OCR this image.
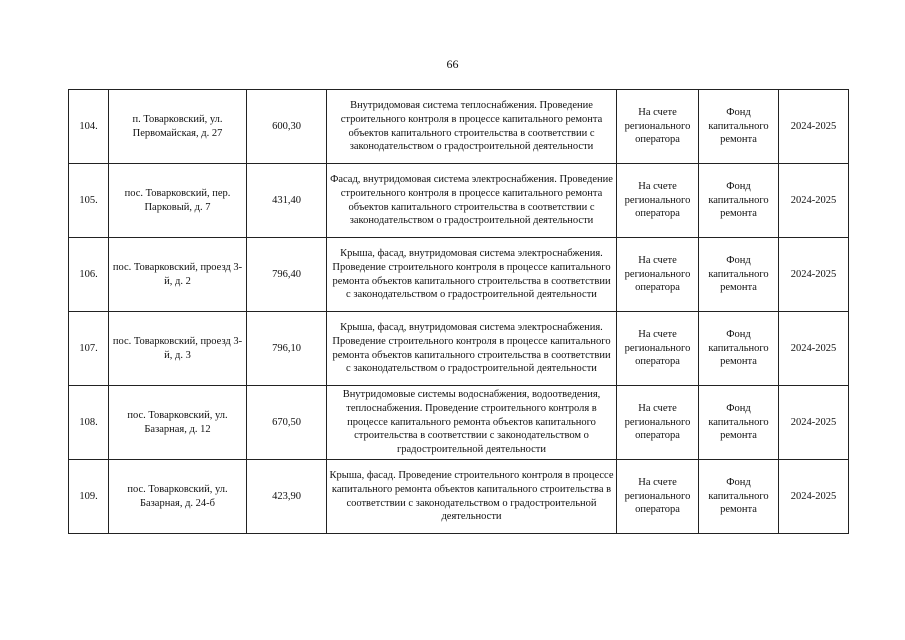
66
104.	п. Товарковский, ул. Первомайская, д. 27	600,30	Внутридомовая система теплоснабжения. Проведение строительного контроля в процессе капитального ремонта объектов капитального строительства в соответствии с законодательством о градостроительной деятельности	На счете регионального оператора	Фонд капитального ремонта	2024-2025
105.	пос. Товарковский, пер. Парковый, д. 7	431,40	Фасад, внутридомовая система электроснабжения. Проведение строительного контроля в процессе капитального ремонта объектов капитального строительства в соответствии с законодательством о градостроительной деятельности	На счете регионального оператора	Фонд капитального ремонта	2024-2025
106.	пос. Товарковский, проезд 3-й, д. 2	796,40	Крыша, фасад, внутридомовая система электроснабжения. Проведение строительного контроля в процессе капитального ремонта объектов капитального строительства в соответствии с законодательством о градостроительной деятельности	На счете регионального оператора	Фонд капитального ремонта	2024-2025
107.	пос. Товарковский, проезд 3-й, д. 3	796,10	Крыша, фасад, внутридомовая система электроснабжения. Проведение строительного контроля в процессе капитального ремонта объектов капитального строительства в соответствии с законодательством о градостроительной деятельности	На счете регионального оператора	Фонд капитального ремонта	2024-2025
108.	пос. Товарковский, ул. Базарная, д. 12	670,50	Внутридомовые системы водоснабжения, водоотведения, теплоснабжения. Проведение строительного контроля в процессе капитального ремонта объектов капитального строительства в соответствии с законодательством о градостроительной деятельности	На счете регионального оператора	Фонд капитального ремонта	2024-2025
109.	пос. Товарковский, ул. Базарная, д. 24-б	423,90	Крыша, фасад. Проведение строительного контроля в процессе капитального ремонта объектов капитального строительства в соответствии с законодательством о градостроительной деятельности	На счете регионального оператора	Фонд капитального ремонта	2024-2025
